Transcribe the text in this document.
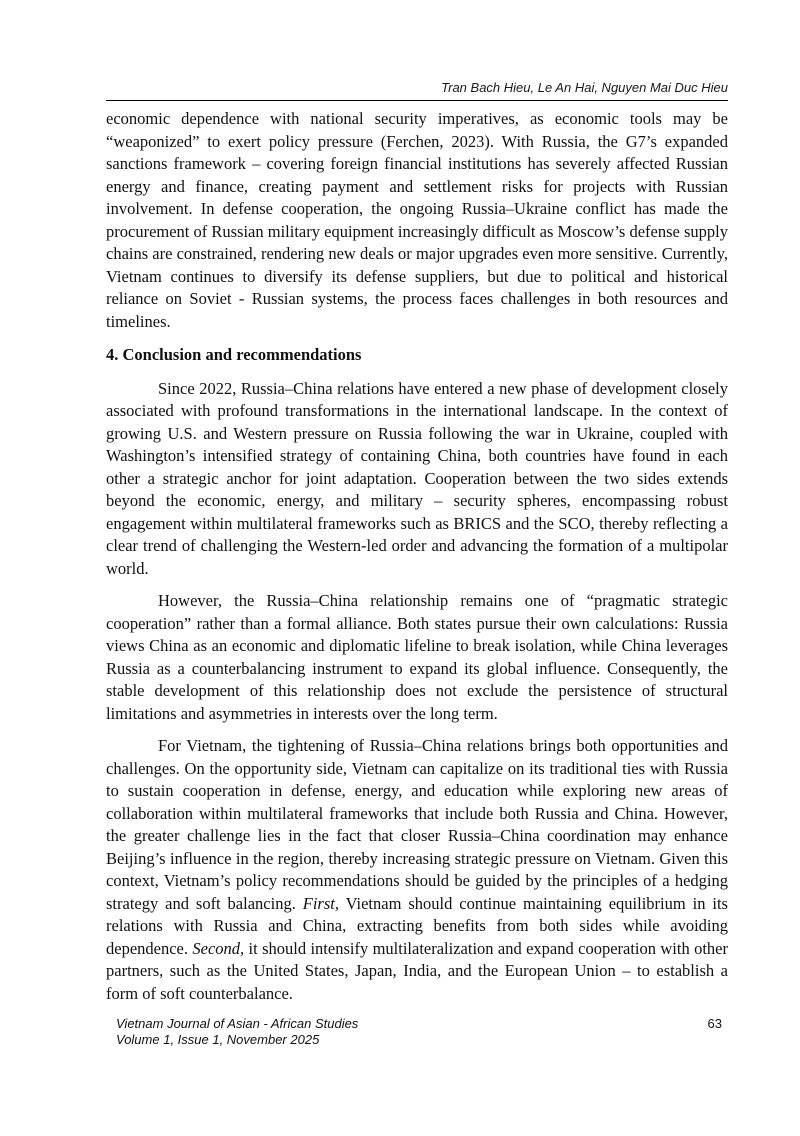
Tran Bach Hieu, Le An Hai, Nguyen Mai Duc Hieu

economic dependence with national security imperatives, as economic tools may be “weaponized” to exert policy pressure (Ferchen, 2023). With Russia, the G7’s expanded sanctions framework – covering foreign financial institutions has severely affected Russian energy and finance, creating payment and settlement risks for projects with Russian involvement. In defense cooperation, the ongoing Russia–Ukraine conflict has made the procurement of Russian military equipment increasingly difficult as Moscow’s defense supply chains are constrained, rendering new deals or major upgrades even more sensitive. Currently, Vietnam continues to diversify its defense suppliers, but due to political and historical reliance on Soviet - Russian systems, the process faces challenges in both resources and timelines.

4. Conclusion and recommendations

Since 2022, Russia–China relations have entered a new phase of development closely associated with profound transformations in the international landscape. In the context of growing U.S. and Western pressure on Russia following the war in Ukraine, coupled with Washington’s intensified strategy of containing China, both countries have found in each other a strategic anchor for joint adaptation. Cooperation between the two sides extends beyond the economic, energy, and military – security spheres, encompassing robust engagement within multilateral frameworks such as BRICS and the SCO, thereby reflecting a clear trend of challenging the Western-led order and advancing the formation of a multipolar world.

However, the Russia–China relationship remains one of “pragmatic strategic cooperation” rather than a formal alliance. Both states pursue their own calculations: Russia views China as an economic and diplomatic lifeline to break isolation, while China leverages Russia as a counterbalancing instrument to expand its global influence. Consequently, the stable development of this relationship does not exclude the persistence of structural limitations and asymmetries in interests over the long term.

For Vietnam, the tightening of Russia–China relations brings both opportunities and challenges. On the opportunity side, Vietnam can capitalize on its traditional ties with Russia to sustain cooperation in defense, energy, and education while exploring new areas of collaboration within multilateral frameworks that include both Russia and China. However, the greater challenge lies in the fact that closer Russia–China coordination may enhance Beijing’s influence in the region, thereby increasing strategic pressure on Vietnam. Given this context, Vietnam’s policy recommendations should be guided by the principles of a hedging strategy and soft balancing. First, Vietnam should continue maintaining equilibrium in its relations with Russia and China, extracting benefits from both sides while avoiding dependence. Second, it should intensify multilateralization and expand cooperation with other partners, such as the United States, Japan, India, and the European Union – to establish a form of soft counterbalance.

Vietnam Journal of Asian - African Studies
Volume 1, Issue 1, November 2025
63
